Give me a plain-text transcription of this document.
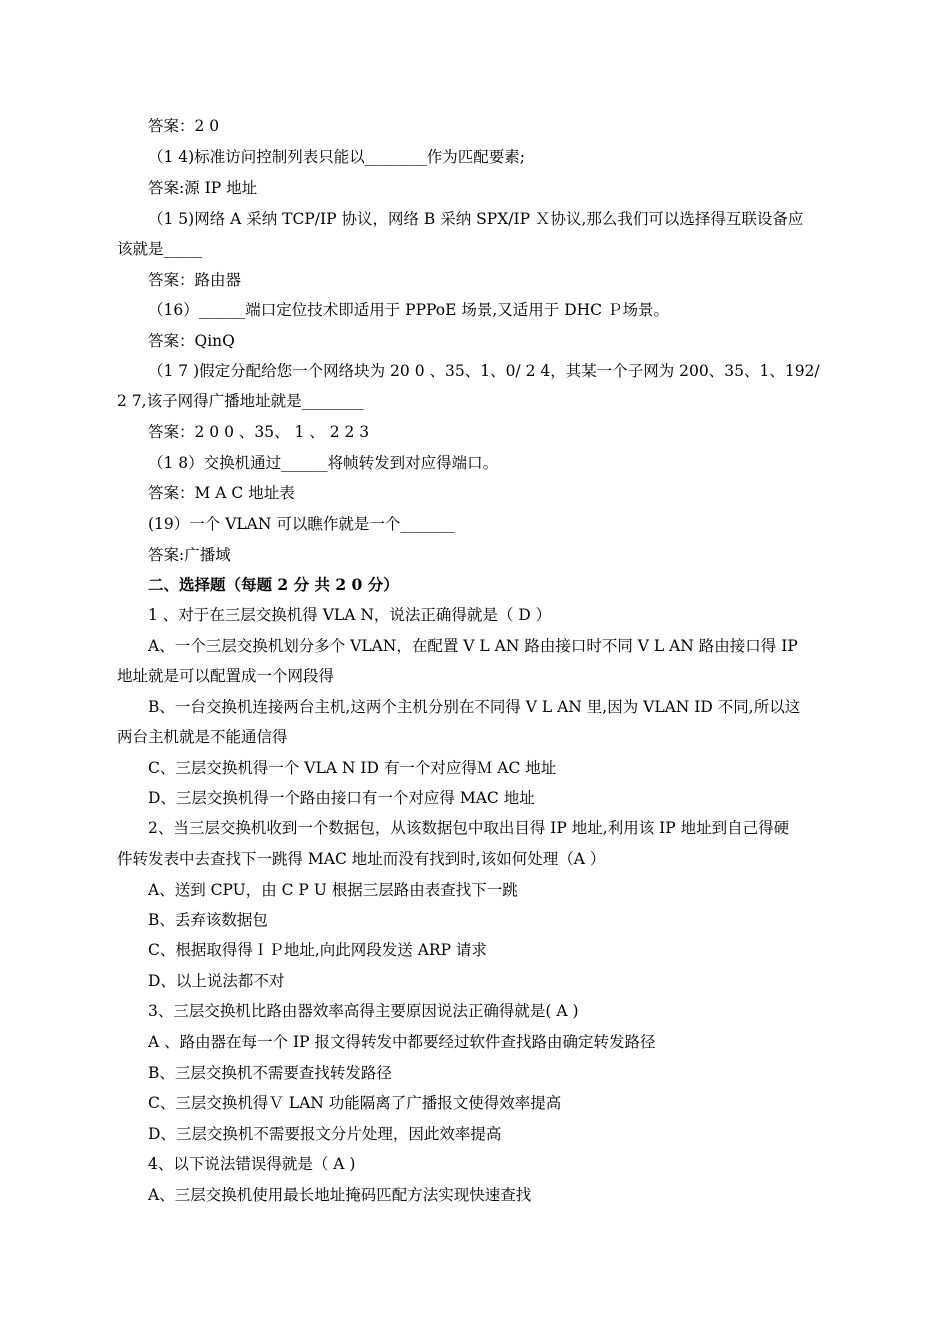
答案：2 0
（1 4)标准访问控制列表只能以________作为匹配要素;
答案:源 IP 地址
（1 5)网络 A 采纳 TCP/IP 协议，网络 B 采纳 SPX/IP Ｘ协议,那么我们可以选择得互联设备应
该就是_____
答案：路由器
（16）______端口定位技术即适用于 PPPoE 场景,又适用于 DHC Ｐ场景。
答案：QinQ
（1 7 )假定分配给您一个网络块为 20 0 、35、1、0/ 2 4，其某一个子网为 200、35、1、192/
2 7,该子网得广播地址就是________
答案：2 0 0 、35、 1 、 2 2 3
（1 8）交换机通过______将帧转发到对应得端口。
答案：M A C 地址表
(19）一个 VLAN 可以瞧作就是一个_______
答案:广播域
二、选择题（每题 2 分 共 2 0 分）
1 、对于在三层交换机得 VLA N，说法正确得就是（ D ）
A、一个三层交换机划分多个 VLAN，在配置 V L AN 路由接口时不同 V L AN 路由接口得 IP
地址就是可以配置成一个网段得
B、一台交换机连接两台主机,这两个主机分别在不同得 V L AN 里,因为 VLAN ID 不同,所以这
两台主机就是不能通信得
C、三层交换机得一个 VLA N ID 有一个对应得Ｍ AC 地址
D、三层交换机得一个路由接口有一个对应得 MAC 地址
2、当三层交换机收到一个数据包，从该数据包中取出目得 IP 地址,利用该 IP 地址到自己得硬
件转发表中去查找下一跳得 MAC 地址而没有找到时,该如何处理（A ）
A、送到 CPU，由 C P U 根据三层路由表查找下一跳
B、丢弃该数据包
C、根据取得得ＩＰ地址,向此网段发送 ARP 请求
D、以上说法都不对
3、三层交换机比路由器效率高得主要原因说法正确得就是( A )
A 、路由器在每一个 IP 报文得转发中都要经过软件查找路由确定转发路径
B、三层交换机不需要查找转发路径
C、三层交换机得Ｖ LAN 功能隔离了广播报文使得效率提高
D、三层交换机不需要报文分片处理，因此效率提高
4、以下说法错误得就是（ A )
A、三层交换机使用最长地址掩码匹配方法实现快速查找
